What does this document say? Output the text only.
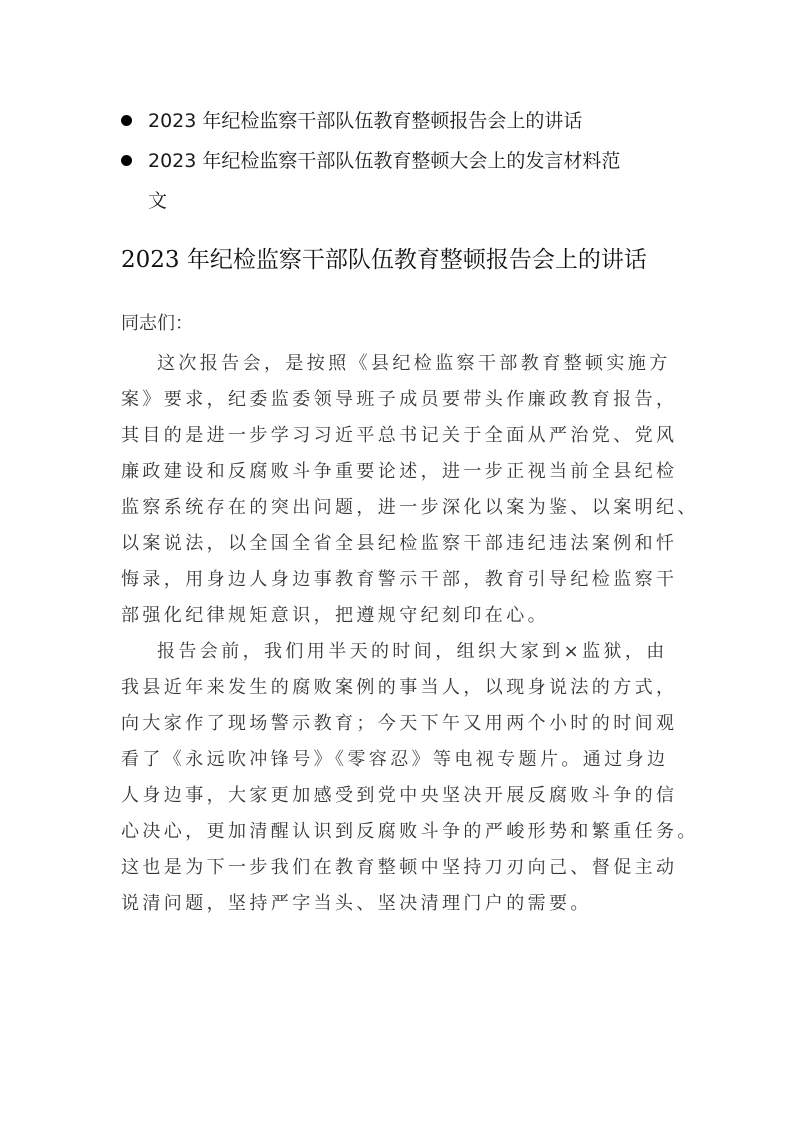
2023 年纪检监察干部队伍教育整顿报告会上的讲话
2023 年纪检监察干部队伍教育整顿大会上的发言材料范
文
2023 年纪检监察干部队伍教育整顿报告会上的讲话
同志们：

这次报告会，是按照《县纪检监察干部教育整顿实施方
案》要求，纪委监委领导班子成员要带头作廉政教育报告，
其目的是进一步学习习近平总书记关于全面从严治党、党风
廉政建设和反腐败斗争重要论述，进一步正视当前全县纪检
监察系统存在的突出问题，进一步深化以案为鉴、以案明纪、
以案说法，以全国全省全县纪检监察干部违纪违法案例和忏
悔录，用身边人身边事教育警示干部，教育引导纪检监察干
部强化纪律规矩意识，把遵规守纪刻印在心。

报告会前，我们用半天的时间，组织大家到×监狱，由
我县近年来发生的腐败案例的事当人，以现身说法的方式，
向大家作了现场警示教育；今天下午又用两个小时的时间观
看了《永远吹冲锋号》《零容忍》等电视专题片。通过身边
人身边事，大家更加感受到党中央坚决开展反腐败斗争的信
心决心，更加清醒认识到反腐败斗争的严峻形势和繁重任务。
这也是为下一步我们在教育整顿中坚持刀刃向己、督促主动
说清问题，坚持严字当头、坚决清理门户的需要。
